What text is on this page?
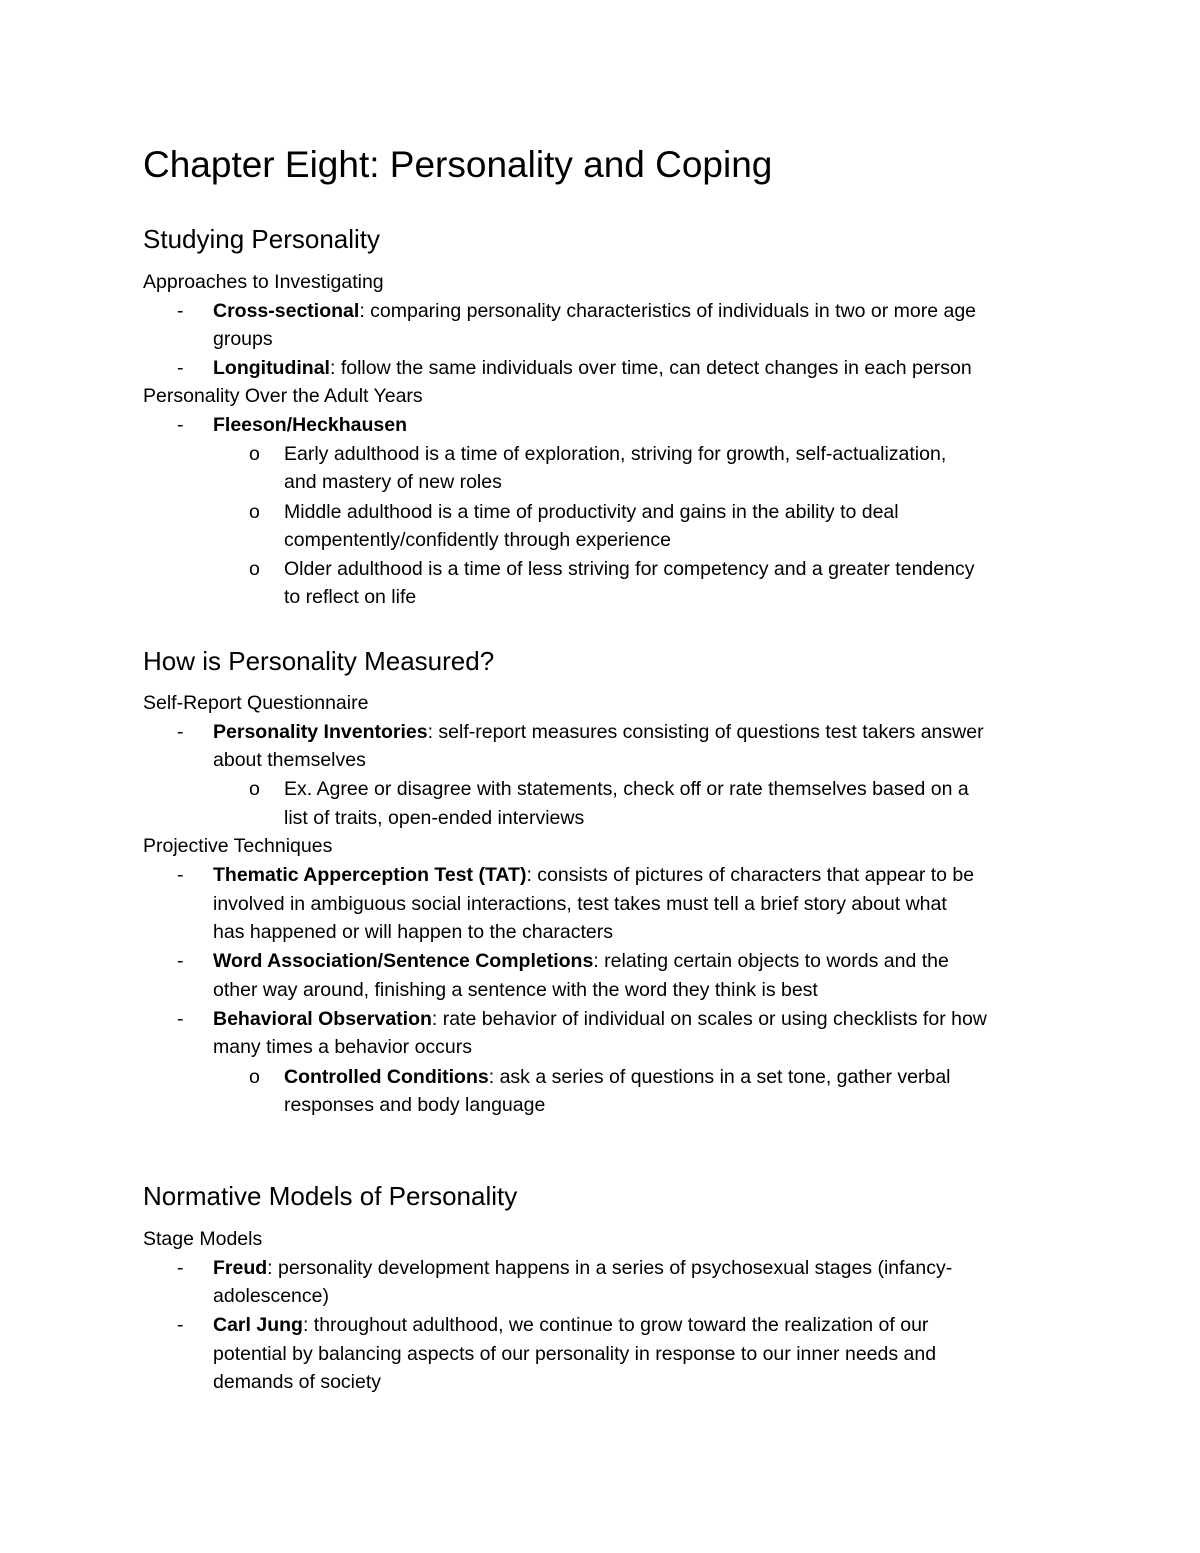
Chapter Eight: Personality and Coping
Studying Personality
Approaches to Investigating
- Cross-sectional: comparing personality characteristics of individuals in two or more age
groups
- Longitudinal: follow the same individuals over time, can detect changes in each person
Personality Over the Adult Years
- Fleeson/Heckhausen
o Early adulthood is a time of exploration, striving for growth, self-actualization,
and mastery of new roles
o Middle adulthood is a time of productivity and gains in the ability to deal
compentently/confidently through experience
o Older adulthood is a time of less striving for competency and a greater tendency
to reflect on life
How is Personality Measured?
Self-Report Questionnaire
- Personality Inventories: self-report measures consisting of questions test takers answer
about themselves
o Ex. Agree or disagree with statements, check off or rate themselves based on a
list of traits, open-ended interviews
Projective Techniques
- Thematic Apperception Test (TAT): consists of pictures of characters that appear to be
involved in ambiguous social interactions, test takes must tell a brief story about what
has happened or will happen to the characters
- Word Association/Sentence Completions: relating certain objects to words and the
other way around, finishing a sentence with the word they think is best
- Behavioral Observation: rate behavior of individual on scales or using checklists for how
many times a behavior occurs
o Controlled Conditions: ask a series of questions in a set tone, gather verbal
responses and body language
Normative Models of Personality
Stage Models
- Freud: personality development happens in a series of psychosexual stages (infancy-
adolescence)
- Carl Jung: throughout adulthood, we continue to grow toward the realization of our
potential by balancing aspects of our personality in response to our inner needs and
demands of society
